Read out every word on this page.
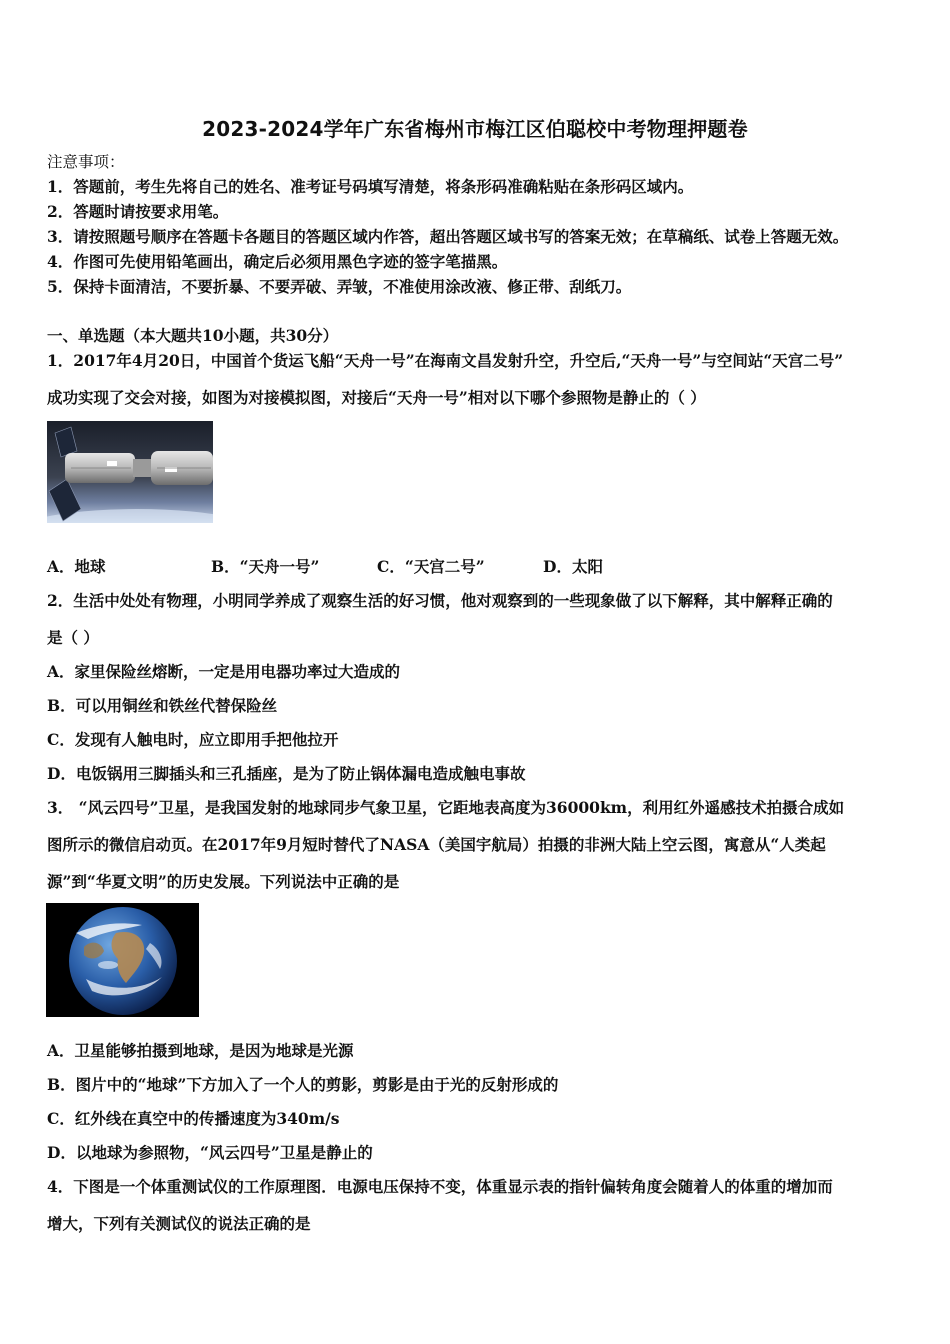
2023-2024学年广东省梅州市梅江区伯聪校中考物理押题卷
注意事项：
1．答题前，考生先将自己的姓名、准考证号码填写清楚，将条形码准确粘贴在条形码区域内。
2．答题时请按要求用笔。
3．请按照题号顺序在答题卡各题目的答题区域内作答，超出答题区域书写的答案无效；在草稿纸、试卷上答题无效。
4．作图可先使用铅笔画出，确定后必须用黑色字迹的签字笔描黑。
5．保持卡面清洁，不要折暴、不要弄破、弄皱，不准使用涂改液、修正带、刮纸刀。
一、单选题（本大题共10小题，共30分）
1．2017年4月20日，中国首个货运飞船“天舟一号”在海南文昌发射升空，升空后,“天舟一号”与空间站“天宫二号”
成功实现了交会对接，如图为对接模拟图，对接后“天舟一号”相对以下哪个参照物是静止的（ ）
A．地球	B．“天舟一号”	C．“天宫二号”	D．太阳
2．生活中处处有物理，小明同学养成了观察生活的好习惯，他对观察到的一些现象做了以下解释，其中解释正确的
是（ ）
A．家里保险丝熔断，一定是用电器功率过大造成的
B．可以用铜丝和铁丝代替保险丝
C．发现有人触电时，应立即用手把他拉开
D．电饭锅用三脚插头和三孔插座，是为了防止锅体漏电造成触电事故
3． “风云四号”卫星，是我国发射的地球同步气象卫星，它距地表高度为36000km，利用红外遥感技术拍摄合成如
图所示的微信启动页。在2017年9月短时替代了NASA（美国宇航局）拍摄的非洲大陆上空云图，寓意从“人类起
源”到“华夏文明”的历史发展。下列说法中正确的是
A．卫星能够拍摄到地球，是因为地球是光源
B．图片中的“地球”下方加入了一个人的剪影，剪影是由于光的反射形成的
C．红外线在真空中的传播速度为340m/s
D．以地球为参照物，“风云四号”卫星是静止的
4．下图是一个体重测试仪的工作原理图．电源电压保持不变，体重显示表的指针偏转角度会随着人的体重的增加而
增大，下列有关测试仪的说法正确的是
